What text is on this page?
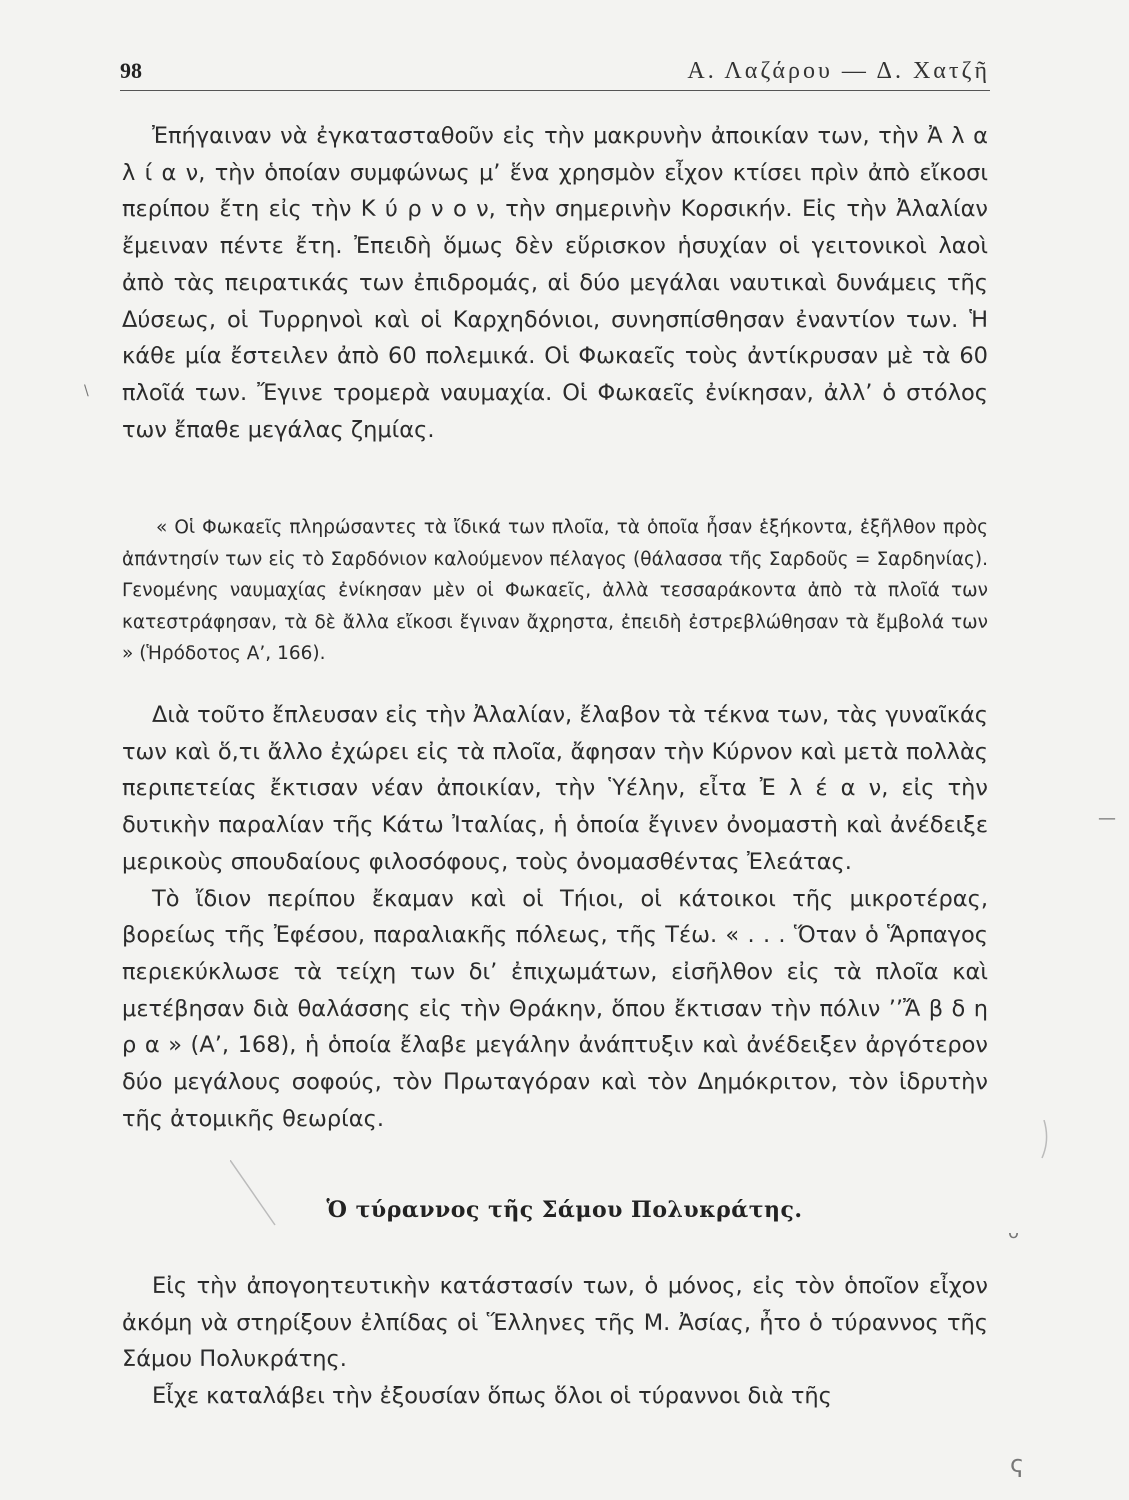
98	Α. Λαζάρου — Δ. Χατζῆ

Ἐπήγαιναν νὰ ἐγκατασταθοῦν εἰς τὴν μακρυνὴν ἀποικίαν των, τὴν Ἀ λ α λ ί α ν, τὴν ὁποίαν συμφώνως μ’ ἕνα χρησμὸν εἶχον κτίσει πρὶν ἀπὸ εἴκοσι περίπου ἔτη εἰς τὴν Κ ύ ρ ν ο ν, τὴν σημερινὴν Κορσικήν. Εἰς τὴν Ἀλαλίαν ἔμειναν πέντε ἔτη. Ἐπειδὴ ὅμως δὲν εὕρισκον ἡσυχίαν οἱ γειτονικοὶ λαοὶ ἀπὸ τὰς πειρατικάς των ἐπιδρομάς, αἱ δύο μεγάλαι ναυτικαὶ δυνάμεις τῆς Δύσεως, οἱ Τυρρηνοὶ καὶ οἱ Καρχηδόνιοι, συνησπίσθησαν ἐναντίον των. Ἡ κάθε μία ἔστειλεν ἀπὸ 60 πολεμικά. Οἱ Φωκαεῖς τοὺς ἀντίκρυσαν μὲ τὰ 60 πλοῖά των. Ἔγινε τρομερὰ ναυμαχία. Οἱ Φωκαεῖς ἐνίκησαν, ἀλλ’ ὁ στόλος των ἔπαθε μεγάλας ζημίας.

« Οἱ Φωκαεῖς πληρώσαντες τὰ ἴδικά των πλοῖα, τὰ ὁποῖα ἦσαν ἑξήκοντα, ἐξῆλθον πρὸς ἀπάντησίν των εἰς τὸ Σαρδόνιον καλούμενον πέλαγος (θάλασσα τῆς Σαρδοῦς = Σαρδηνίας). Γενομένης ναυμαχίας ἐνίκησαν μὲν οἱ Φωκαεῖς, ἀλλὰ τεσσαράκοντα ἀπὸ τὰ πλοῖά των κατεστράφησαν, τὰ δὲ ἄλλα εἴκοσι ἔγιναν ἄχρηστα, ἐπειδὴ ἐστρεβλώθησαν τὰ ἔμβολά των » (Ἡρόδοτος Α’, 166).

Διὰ τοῦτο ἔπλευσαν εἰς τὴν Ἀλαλίαν, ἔλαβον τὰ τέκνα των, τὰς γυναῖκάς των καὶ ὅ,τι ἄλλο ἐχώρει εἰς τὰ πλοῖα, ἄφησαν τὴν Κύρνον καὶ μετὰ πολλὰς περιπετείας ἔκτισαν νέαν ἀποικίαν, τὴν Ὑέλην, εἶτα Ἐ λ έ α ν, εἰς τὴν δυτικὴν παραλίαν τῆς Κάτω Ἰταλίας, ἡ ὁποία ἔγινεν ὀνομαστὴ καὶ ἀνέδειξε μερικοὺς σπουδαίους φιλοσόφους, τοὺς ὀνομασθέντας Ἐλεάτας.

Τὸ ἴδιον περίπου ἔκαμαν καὶ οἱ Τήιοι, οἱ κάτοικοι τῆς μικροτέρας, βορείως τῆς Ἐφέσου, παραλιακῆς πόλεως, τῆς Τέω. « . . . Ὅταν ὁ Ἅρπαγος περιεκύκλωσε τὰ τείχη των δι’ ἐπιχωμάτων, εἰσῆλθον εἰς τὰ πλοῖα καὶ μετέβησαν διὰ θαλάσσης εἰς τὴν Θράκην, ὅπου ἔκτισαν τὴν πόλιν ’’Ἄ β δ η ρ α » (Α’, 168), ἡ ὁποία ἔλαβε μεγάλην ἀνάπτυξιν καὶ ἀνέδειξεν ἀργότερον δύο μεγάλους σοφούς, τὸν Πρωταγόραν καὶ τὸν Δημόκριτον, τὸν ἱδρυτὴν τῆς ἀτομικῆς θεωρίας.

Ὁ τύραννος τῆς Σάμου Πολυκράτης.

Εἰς τὴν ἀπογοητευτικὴν κατάστασίν των, ὁ μόνος, εἰς τὸν ὁποῖον εἶχον ἀκόμη νὰ στηρίξουν ἐλπίδας οἱ Ἕλληνες τῆς Μ. Ἀσίας, ἦτο ὁ τύραννος τῆς Σάμου Πολυκράτης.

Εἶχε καταλάβει τὴν ἐξουσίαν ὅπως ὅλοι οἱ τύραννοι διὰ τῆς

\
—
ᴗ
ҁ
